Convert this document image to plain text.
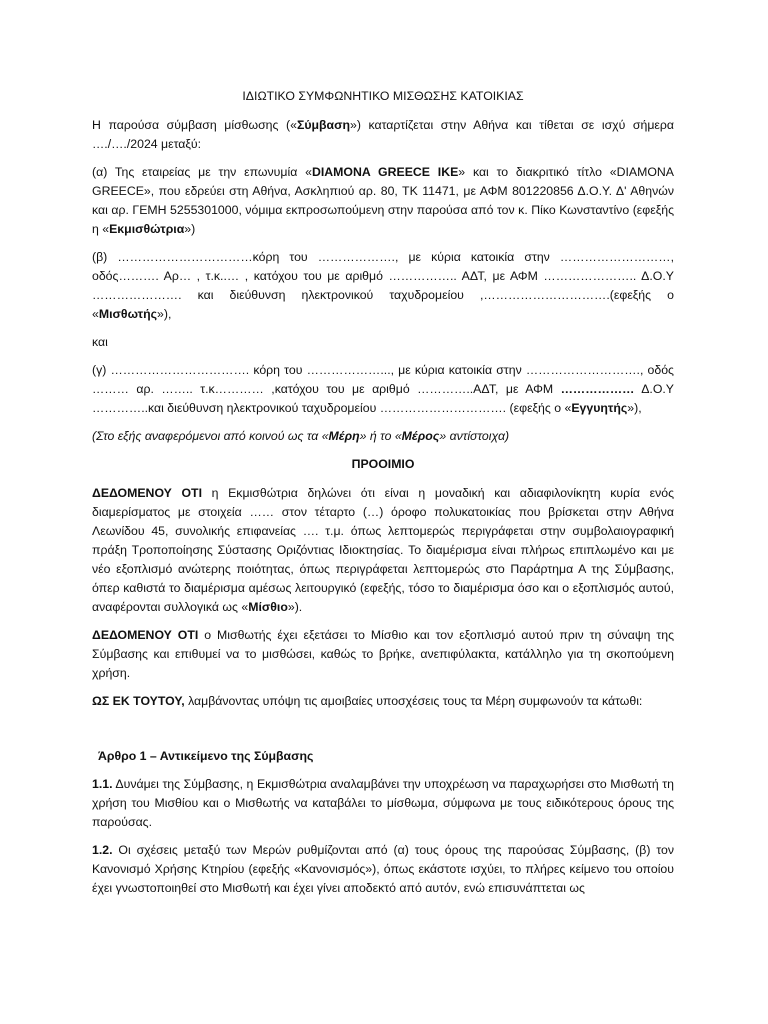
ΙΔΙΩΤΙΚΟ ΣΥΜΦΩΝΗΤΙΚΟ ΜΙΣΘΩΣΗΣ ΚΑΤΟΙΚΙΑΣ

Η παρούσα σύμβαση μίσθωσης («Σύμβαση») καταρτίζεται στην Αθήνα και τίθεται σε ισχύ σήμερα …./…./2024 μεταξύ:

(α) Της εταιρείας με την επωνυμία «DIAMONA GREECE IKE» και το διακριτικό τίτλο «DIAMONA GREECE», που εδρεύει στη Αθήνα, Ασκληπιού αρ. 80, ΤΚ 11471, με ΑΦΜ 801220856 Δ.Ο.Υ. Δ' Αθηνών και αρ. ΓΕΜΗ 5255301000, νόμιμα εκπροσωπούμενη στην παρούσα από τον κ. Πίκο Κωνσταντίνο (εφεξής η «Εκμισθώτρια»)

(β) ……………………………κόρη του ………………., με κύρια κατοικία στην ………………………, οδός………. Αρ… , τ.κ..… , κατόχου του με αριθμό …………….. ΑΔΤ, με ΑΦΜ ………………….. Δ.Ο.Υ …………………. και διεύθυνση ηλεκτρονικού ταχυδρομείου ,………………………….(εφεξής ο «Μισθωτής»),

και

(γ) ……………………………. κόρη του ………………..., με κύρια κατοικία στην ………………………., οδός ……… αρ. …….. τ.κ………… ,κατόχου του με αριθμό …………..ΑΔΤ, με ΑΦΜ ……………… Δ.Ο.Υ …………..και διεύθυνση ηλεκτρονικού ταχυδρομείου …………………………. (εφεξής ο «Εγγυητής»),

(Στο εξής αναφερόμενοι από κοινού ως τα «Μέρη» ή το «Μέρος» αντίστοιχα)

ΠΡΟΟΙΜΙΟ

ΔΕΔΟΜΕΝΟΥ ΟΤΙ η Εκμισθώτρια δηλώνει ότι είναι η μοναδική και αδιαφιλονίκητη κυρία ενός διαμερίσματος με στοιχεία …… στον τέταρτο (…) όροφο πολυκατοικίας που βρίσκεται στην Αθήνα Λεωνίδου 45, συνολικής επιφανείας …. τ.μ. όπως λεπτομερώς περιγράφεται στην συμβολαιογραφική πράξη Τροποποίησης Σύστασης Οριζόντιας Ιδιοκτησίας. Το διαμέρισμα είναι πλήρως επιπλωμένο και με νέο εξοπλισμό ανώτερης ποιότητας, όπως περιγράφεται λεπτομερώς στο Παράρτημα Α της Σύμβασης, όπερ καθιστά το διαμέρισμα αμέσως λειτουργικό (εφεξής, τόσο το διαμέρισμα όσο και ο εξοπλισμός αυτού, αναφέρονται συλλογικά ως «Μίσθιο»).

ΔΕΔΟΜΕΝΟΥ ΟΤΙ ο Μισθωτής έχει εξετάσει το Μίσθιο και τον εξοπλισμό αυτού πριν τη σύναψη της Σύμβασης και επιθυμεί να το μισθώσει, καθώς το βρήκε, ανεπιφύλακτα, κατάλληλο για τη σκοπούμενη χρήση.

ΩΣ ΕΚ ΤΟΥΤΟΥ, λαμβάνοντας υπόψη τις αμοιβαίες υποσχέσεις τους τα Μέρη συμφωνούν τα κάτωθι:

Άρθρο 1 – Αντικείμενο της Σύμβασης

1.1. Δυνάμει της Σύμβασης, η Εκμισθώτρια αναλαμβάνει την υποχρέωση να παραχωρήσει στο Μισθωτή τη χρήση του Μισθίου και ο Μισθωτής να καταβάλει το μίσθωμα, σύμφωνα με τους ειδικότερους όρους της παρούσας.

1.2. Οι σχέσεις μεταξύ των Μερών ρυθμίζονται από (α) τους όρους της παρούσας Σύμβασης, (β) τον Κανονισμό Χρήσης Κτηρίου (εφεξής «Κανονισμός»), όπως εκάστοτε ισχύει, το πλήρες κείμενο του οποίου έχει γνωστοποιηθεί στο Μισθωτή και έχει γίνει αποδεκτό από αυτόν, ενώ επισυνάπτεται ως
